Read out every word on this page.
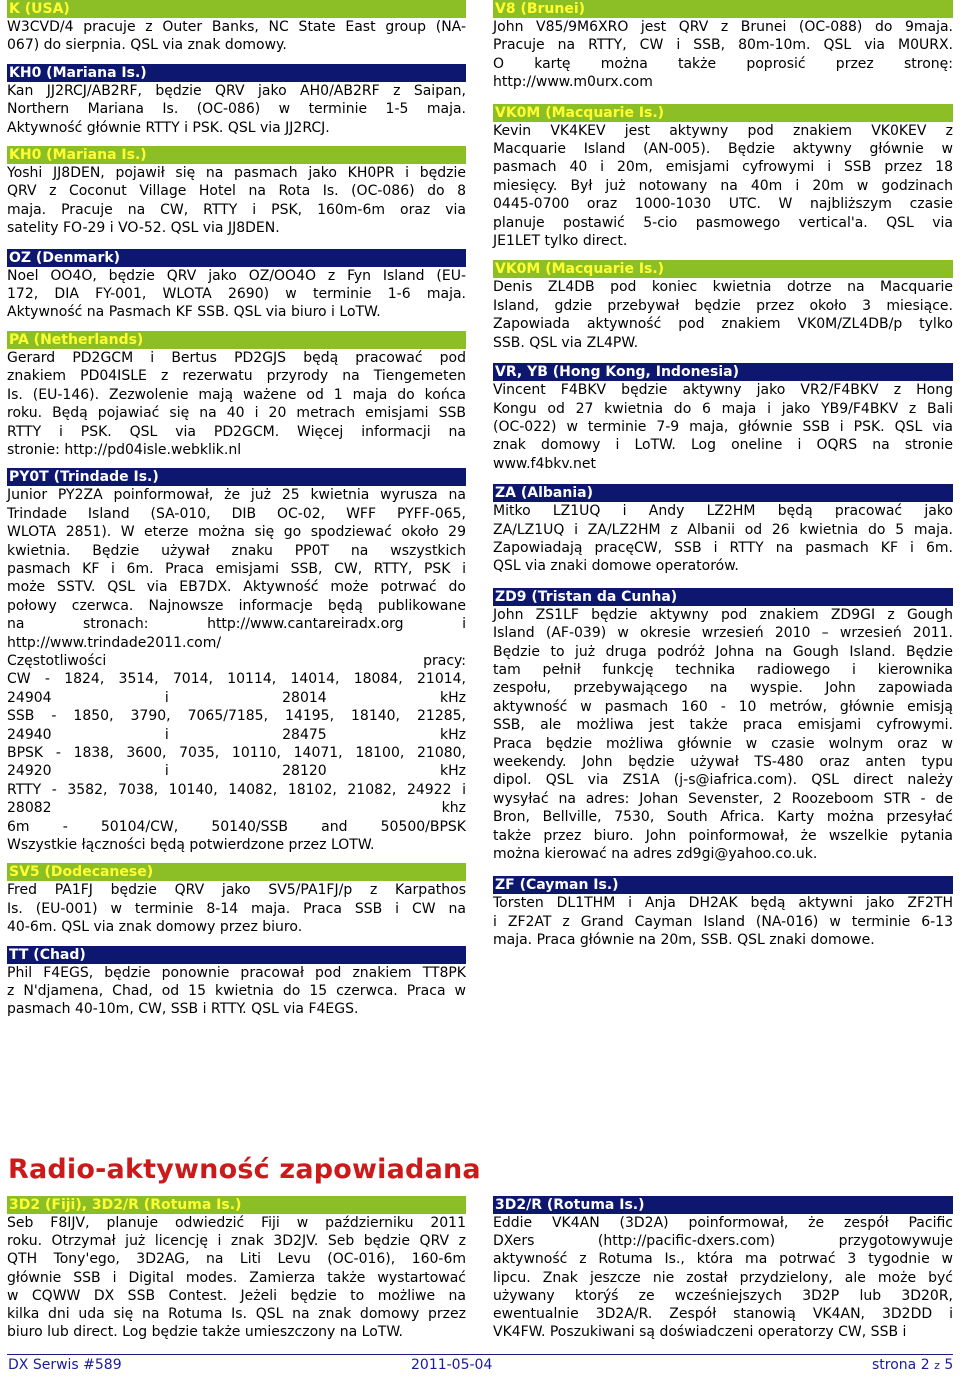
K (USA)
W3CVD/4 pracuje z Outer Banks, NC State East group (NA-
067) do sierpnia. QSL via znak domowy.
KH0 (Mariana Is.)
Kan JJ2RCJ/AB2RF, będzie QRV jako AH0/AB2RF z Saipan,
Northern Mariana Is. (OC-086) w terminie 1-5 maja.
Aktywność głównie RTTY i PSK. QSL via JJ2RCJ.
KH0 (Mariana Is.)
Yoshi JJ8DEN, pojawił się na pasmach jako KH0PR i będzie
QRV z Coconut Village Hotel na Rota Is. (OC-086) do 8
maja. Pracuje na CW, RTTY i PSK, 160m-6m oraz via
satelity FO-29 i VO-52. QSL via JJ8DEN.
OZ (Denmark)
Noel OO4O, będzie QRV jako OZ/OO4O z Fyn Island (EU-
172, DIA FY-001, WLOTA 2690) w terminie 1-6 maja.
Aktywność na Pasmach KF SSB. QSL via biuro i LoTW.
PA (Netherlands)
Gerard PD2GCM i Bertus PD2GJS będą pracować pod
znakiem PD04ISLE z rezerwatu przyrody na Tiengemeten
Is. (EU-146). Zezwolenie mają ważene od 1 maja do końca
roku. Będą pojawiać się na 40 i 20 metrach emisjami SSB
RTTY i PSK. QSL via PD2GCM. Więcej informacji na
stronie: http://pd04isle.webklik.nl
PY0T (Trindade Is.)
Junior PY2ZA poinformował, że już 25 kwietnia wyrusza na
Trindade Island (SA-010, DIB OC-02, WFF PYFF-065,
WLOTA 2851). W eterze można się go spodziewać około 29
kwietnia. Będzie używał znaku PP0T na wszystkich
pasmach KF i 6m. Praca emisjami SSB, CW, RTTY, PSK i
może SSTV. QSL via EB7DX. Aktywność może potrwać do
połowy czerwca. Najnowsze informacje będą publikowane
na stronach: http://www.cantareiradx.org i
http://www.trindade2011.com/
Częstotliwości pracy:
CW - 1824, 3514, 7014, 10114, 14014, 18084, 21014,
24904 i 28014 kHz
SSB - 1850, 3790, 7065/7185, 14195, 18140, 21285,
24940 i 28475 kHz
BPSK - 1838, 3600, 7035, 10110, 14071, 18100, 21080,
24920 i 28120 kHz
RTTY - 3582, 7038, 10140, 14082, 18102, 21082, 24922 i
28082 khz
6m - 50104/CW, 50140/SSB and 50500/BPSK
Wszystkie łączności będą potwierdzone przez LOTW.
SV5 (Dodecanese)
Fred PA1FJ będzie QRV jako SV5/PA1FJ/p z Karpathos
Is. (EU-001) w terminie 8-14 maja. Praca SSB i CW na
40-6m. QSL via znak domowy przez biuro.
TT (Chad)
Phil F4EGS, będzie ponownie pracował pod znakiem TT8PK
z N'djamena, Chad, od 15 kwietnia do 15 czerwca. Praca w
pasmach 40-10m, CW, SSB i RTTY. QSL via F4EGS.
V8 (Brunei)
John V85/9M6XRO jest QRV z Brunei (OC-088) do 9maja.
Pracuje na RTTY, CW i SSB, 80m-10m. QSL via M0URX.
O kartę można także poprosić przez stronę:
http://www.m0urx.com
VK0M (Macquarie Is.)
Kevin VK4KEV jest aktywny pod znakiem VK0KEV z
Macquarie Island (AN-005). Będzie aktywny głównie w
pasmach 40 i 20m, emisjami cyfrowymi i SSB przez 18
miesięcy. Był już notowany na 40m i 20m w godzinach
0445-0700 oraz 1000-1030 UTC. W najbliższym czasie
planuje postawić 5-cio pasmowego vertical'a. QSL via
JE1LET tylko direct.
VK0M (Macquarie Is.)
Denis ZL4DB pod koniec kwietnia dotrze na Macquarie
Island, gdzie przebywał będzie przez około 3 miesiące.
Zapowiada aktywność pod znakiem VK0M/ZL4DB/p tylko
SSB. QSL via ZL4PW.
VR, YB (Hong Kong, Indonesia)
Vincent F4BKV będzie aktywny jako VR2/F4BKV z Hong
Kongu od 27 kwietnia do 6 maja i jako YB9/F4BKV z Bali
(OC-022) w terminie 7-9 maja, głównie SSB i PSK. QSL via
znak domowy i LoTW. Log oneline i OQRS na stronie
www.f4bkv.net
ZA (Albania)
Mitko LZ1UQ i Andy LZ2HM będą pracować jako
ZA/LZ1UQ i ZA/LZ2HM z Albanii od 26 kwietnia do 5 maja.
Zapowiadają pracęCW, SSB i RTTY na pasmach KF i 6m.
QSL via znaki domowe operatorów.
ZD9 (Tristan da Cunha)
John ZS1LF będzie aktywny pod znakiem ZD9GI z Gough
Island (AF-039) w okresie wrzesień 2010 – wrzesień 2011.
Będzie to już druga podróż Johna na Gough Island. Będzie
tam pełnił funkcję technika radiowego i kierownika
zespołu, przebywającego na wyspie. John zapowiada
aktywność w pasmach 160 - 10 metrów, głównie emisją
SSB, ale możliwa jest także praca emisjami cyfrowymi.
Praca będzie możliwa głównie w czasie wolnym oraz w
weekendy. John będzie używał TS-480 oraz anten typu
dipol. QSL via ZS1A (j-s@iafrica.com). QSL direct należy
wysyłać na adres: Johan Sevenster, 2 Roozeboom STR - de
Bron, Bellville, 7530, South Africa. Karty można przesyłać
także przez biuro. John poinformował, że wszelkie pytania
można kierować na adres zd9gi@yahoo.co.uk.
ZF (Cayman Is.)
Torsten DL1THM i Anja DH2AK będą aktywni jako ZF2TH
i ZF2AT z Grand Cayman Island (NA-016) w terminie 6-13
maja. Praca głównie na 20m, SSB. QSL znaki domowe.
Radio-aktywność zapowiadana
3D2 (Fiji), 3D2/R (Rotuma Is.)
Seb F8IJV, planuje odwiedzić Fiji w październiku 2011
roku. Otrzymał już licencję i znak 3D2JV. Seb będzie QRV z
QTH Tony'ego, 3D2AG, na Liti Levu (OC-016), 160-6m
głównie SSB i Digital modes. Zamierza także wystartować
w CQWW DX SSB Contest. Jeżeli będzie to możliwe na
kilka dni uda się na Rotuma Is. QSL na znak domowy przez
biuro lub direct. Log będzie także umieszczony na LoTW.
3D2/R (Rotuma Is.)
Eddie VK4AN (3D2A) poinformował, że zespół Pacific
DXers (http://pacific-dxers.com) przygotowywuje
aktywność z Rotuma Is., która ma potrwać 3 tygodnie w
lipcu. Znak jeszcze nie został przydzielony, ale może być
używany ktorýś ze wcześniejszych 3D2P lub 3D20R,
ewentualnie 3D2A/R. Zespół stanowią VK4AN, 3D2DD i
VK4FW. Poszukiwani są doświadczeni operatorzy CW, SSB i
DX Serwis #589	2011-05-04	strona 2 z 5
